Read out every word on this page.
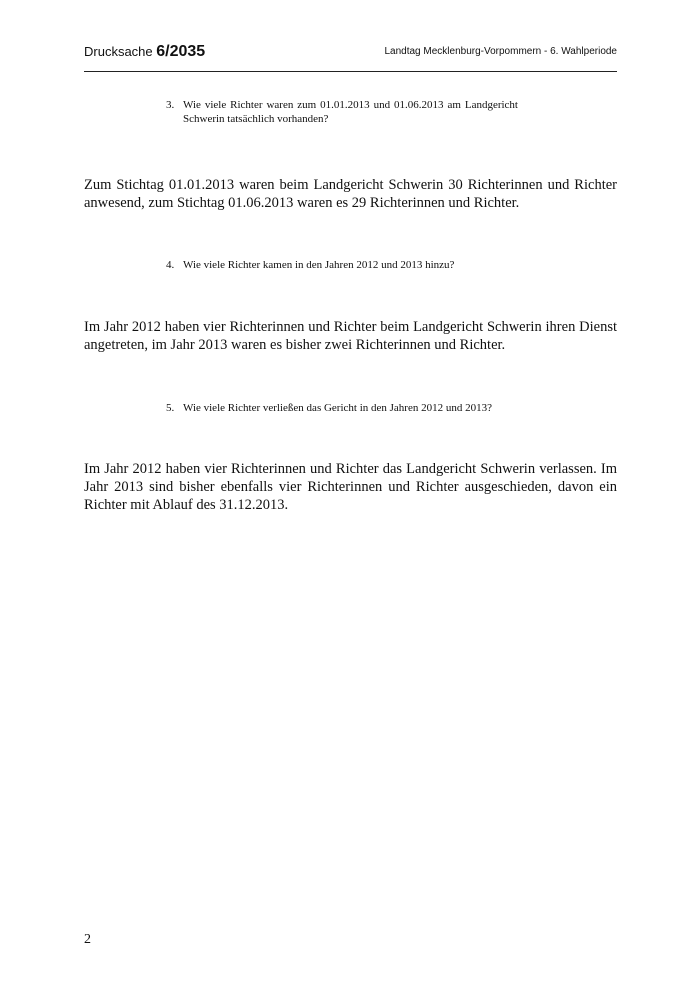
Drucksache 6/2035	Landtag Mecklenburg-Vorpommern - 6. Wahlperiode
3. Wie viele Richter waren zum 01.01.2013 und 01.06.2013 am Landgericht Schwerin tatsächlich vorhanden?
Zum Stichtag 01.01.2013 waren beim Landgericht Schwerin 30 Richterinnen und Richter anwesend, zum Stichtag 01.06.2013 waren es 29 Richterinnen und Richter.
4. Wie viele Richter kamen in den Jahren 2012 und 2013 hinzu?
Im Jahr 2012 haben vier Richterinnen und Richter beim Landgericht Schwerin ihren Dienst angetreten, im Jahr 2013 waren es bisher zwei Richterinnen und Richter.
5. Wie viele Richter verließen das Gericht in den Jahren 2012 und 2013?
Im Jahr 2012 haben vier Richterinnen und Richter das Landgericht Schwerin verlassen. Im Jahr 2013 sind bisher ebenfalls vier Richterinnen und Richter ausgeschieden, davon ein Richter mit Ablauf des 31.12.2013.
2
